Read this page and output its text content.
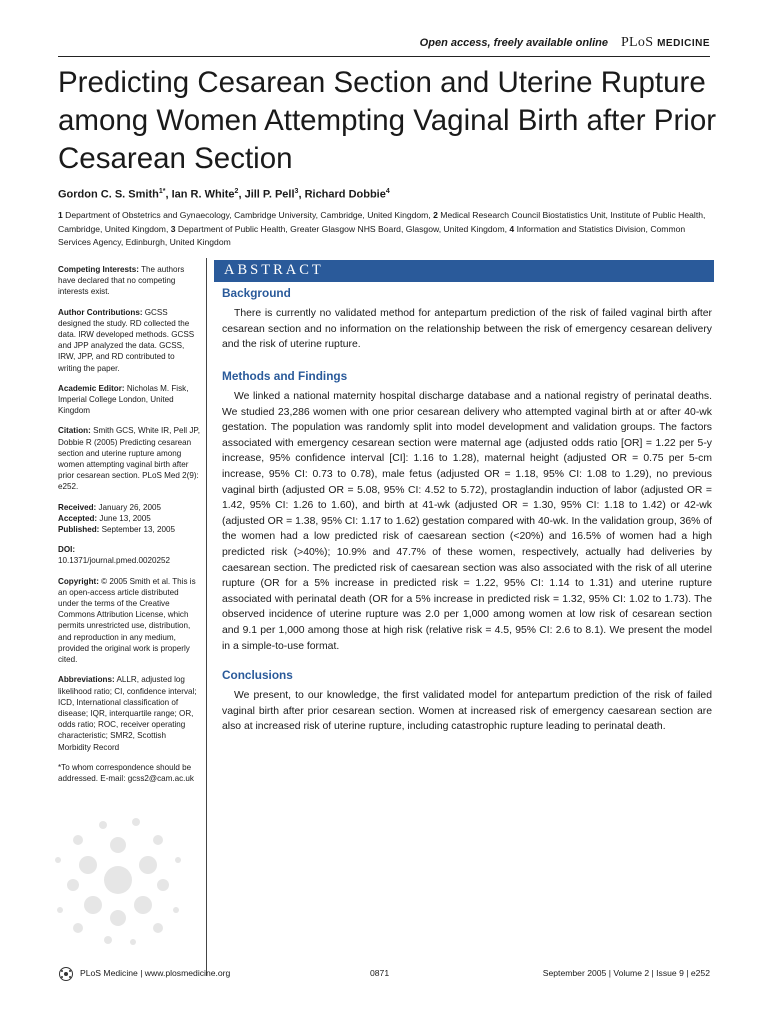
Open access, freely available online PLoS MEDICINE
Predicting Cesarean Section and Uterine Rupture among Women Attempting Vaginal Birth after Prior Cesarean Section
Gordon C. S. Smith$^{1*}$, Ian R. White$^2$, Jill P. Pell$^3$, Richard Dobbie$^4$
1 Department of Obstetrics and Gynaecology, Cambridge University, Cambridge, United Kingdom, 2 Medical Research Council Biostatistics Unit, Institute of Public Health, Cambridge, United Kingdom, 3 Department of Public Health, Greater Glasgow NHS Board, Glasgow, United Kingdom, 4 Information and Statistics Division, Common Services Agency, Edinburgh, United Kingdom

Competing Interests: The authors have declared that no competing interests exist.

Author Contributions: GCSS designed the study. RD collected the data. IRW developed methods. GCSS and JPP analyzed the data. GCSS, IRW, JPP, and RD contributed to writing the paper.

Academic Editor: Nicholas M. Fisk, Imperial College London, United Kingdom

Citation: Smith GCS, White IR, Pell JP, Dobbie R (2005) Predicting cesarean section and uterine rupture among women attempting vaginal birth after prior cesarean section. PLoS Med 2(9): e252.

Received: January 26, 2005
Accepted: June 13, 2005
Published: September 13, 2005

DOI:
10.1371/journal.pmed.0020252

Copyright: © 2005 Smith et al. This is an open-access article distributed under the terms of the Creative Commons Attribution License, which permits unrestricted use, distribution, and reproduction in any medium, provided the original work is properly cited.

Abbreviations: ALLR, adjusted log likelihood ratio; CI, confidence interval; ICD, International classification of disease; IQR, interquartile range; OR, odds ratio; ROC, receiver operating characteristic; SMR2, Scottish Morbidity Record

*To whom correspondence should be addressed. E-mail: gcss2@cam.ac.uk

ABSTRACT

Background

There is currently no validated method for antepartum prediction of the risk of failed vaginal birth after cesarean section and no information on the relationship between the risk of emergency cesarean delivery and the risk of uterine rupture.

Methods and Findings

We linked a national maternity hospital discharge database and a national registry of perinatal deaths. We studied 23,286 women with one prior cesarean delivery who attempted vaginal birth at or after 40-wk gestation. The population was randomly split into model development and validation groups. The factors associated with emergency cesarean section were maternal age (adjusted odds ratio [OR] = 1.22 per 5-y increase, 95% confidence interval [CI]: 1.16 to 1.28), maternal height (adjusted OR = 0.75 per 5-cm increase, 95% CI: 0.73 to 0.78), male fetus (adjusted OR = 1.18, 95% CI: 1.08 to 1.29), no previous vaginal birth (adjusted OR = 5.08, 95% CI: 4.52 to 5.72), prostaglandin induction of labor (adjusted OR = 1.42, 95% CI: 1.26 to 1.60), and birth at 41-wk (adjusted OR = 1.30, 95% CI: 1.18 to 1.42) or 42-wk (adjusted OR = 1.38, 95% CI: 1.17 to 1.62) gestation compared with 40-wk. In the validation group, 36% of the women had a low predicted risk of caesarean section (<20%) and 16.5% of women had a high predicted risk (>40%); 10.9% and 47.7% of these women, respectively, actually had deliveries by caesarean section. The predicted risk of caesarean section was also associated with the risk of all uterine rupture (OR for a 5% increase in predicted risk = 1.22, 95% CI: 1.14 to 1.31) and uterine rupture associated with perinatal death (OR for a 5% increase in predicted risk = 1.32, 95% CI: 1.02 to 1.73). The observed incidence of uterine rupture was 2.0 per 1,000 among women at low risk of cesarean section and 9.1 per 1,000 among those at high risk (relative risk = 4.5, 95% CI: 2.6 to 8.1). We present the model in a simple-to-use format.

Conclusions

We present, to our knowledge, the first validated model for antepartum prediction of the risk of failed vaginal birth after prior cesarean section. Women at increased risk of emergency caesarean section are also at increased risk of uterine rupture, including catastrophic rupture leading to perinatal death.

PLoS Medicine | www.plosmedicine.org	0871	September 2005 | Volume 2 | Issue 9 | e252
